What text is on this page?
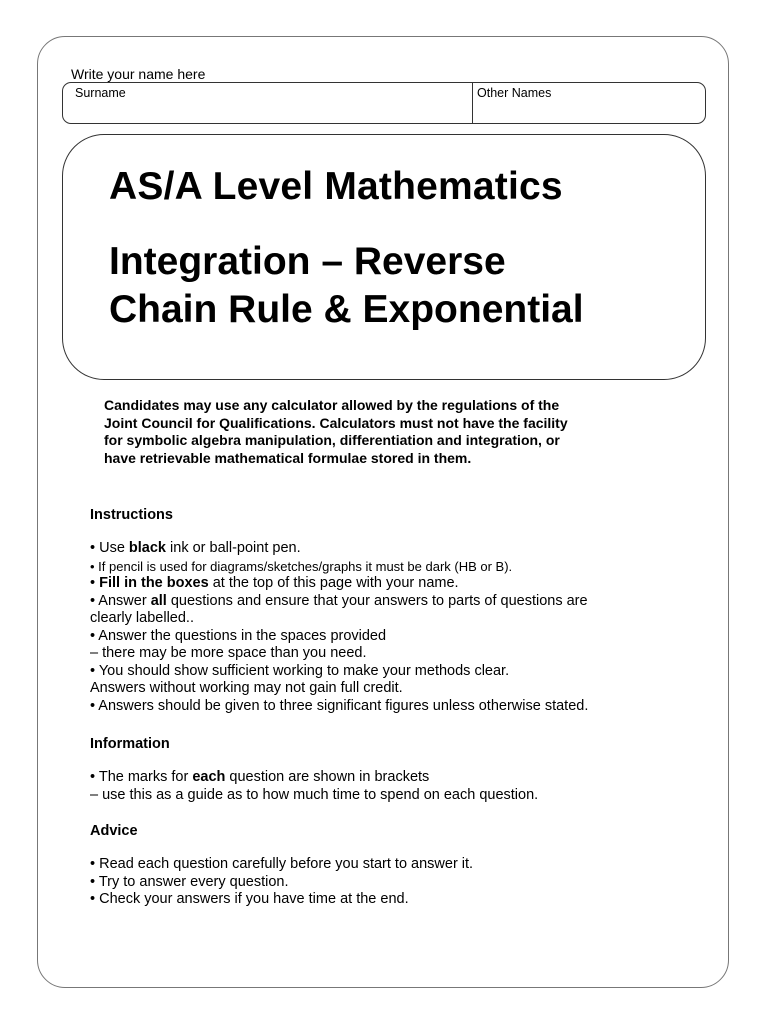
Write your name here
Surname	Other Names
AS/A Level Mathematics
Integration – Reverse
Chain Rule & Exponential

Candidates may use any calculator allowed by the regulations of the
Joint Council for Qualifications. Calculators must not have the facility
for symbolic algebra manipulation, differentiation and integration, or
have retrievable mathematical formulae stored in them.

Instructions

• Use black ink or ball-point pen.
• If pencil is used for diagrams/sketches/graphs it must be dark (HB or B).
• Fill in the boxes at the top of this page with your name.
• Answer all questions and ensure that your answers to parts of questions are
clearly labelled..
• Answer the questions in the spaces provided
– there may be more space than you need.
• You should show sufficient working to make your methods clear.
Answers without working may not gain full credit.
• Answers should be given to three significant figures unless otherwise stated.

Information

• The marks for each question are shown in brackets
– use this as a guide as to how much time to spend on each question.

Advice

• Read each question carefully before you start to answer it.
• Try to answer every question.
• Check your answers if you have time at the end.
